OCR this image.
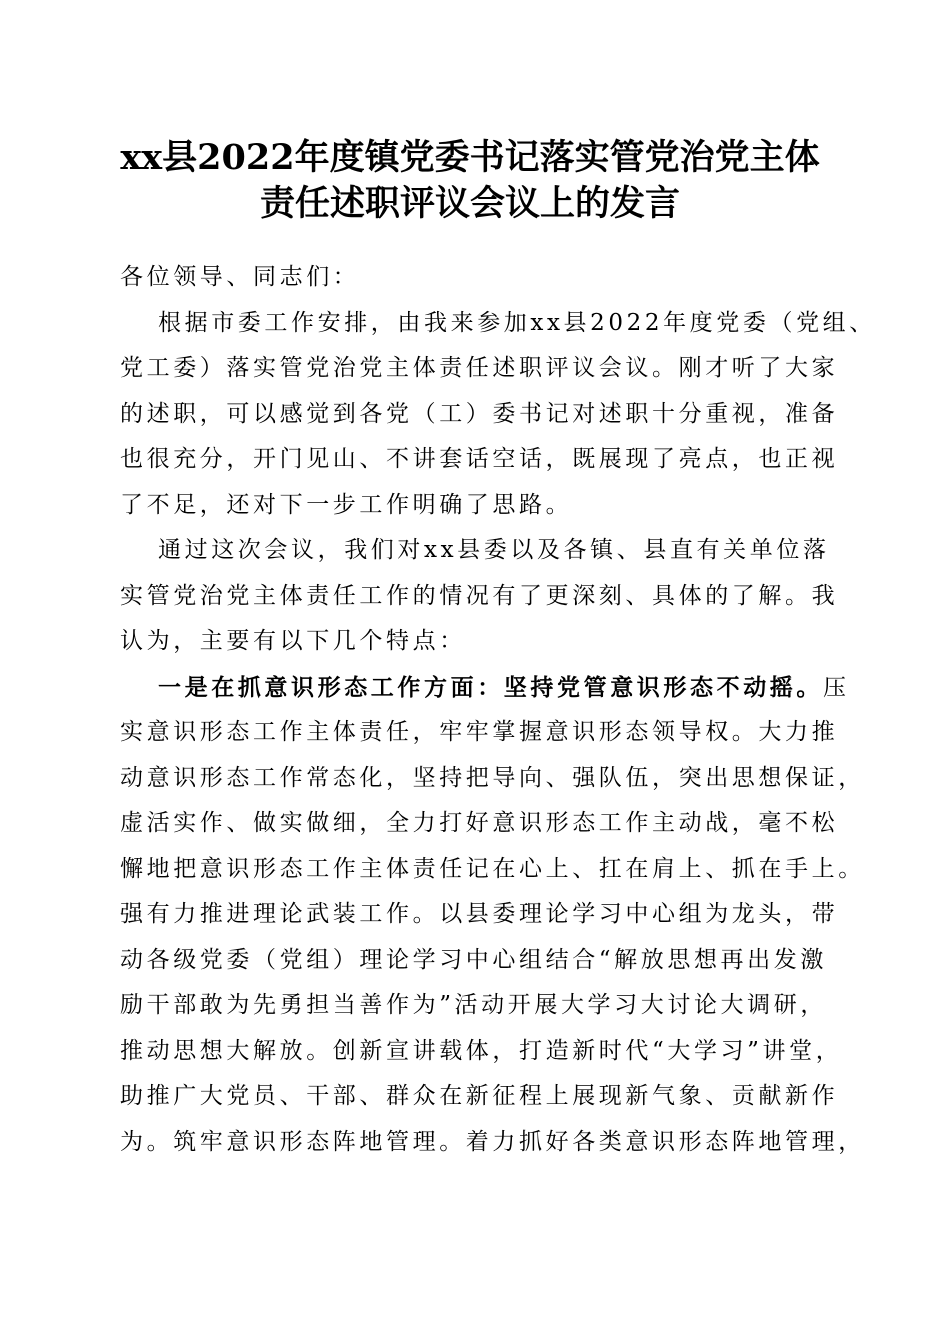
xx县2022年度镇党委书记落实管党治党主体
责任述职评议会议上的发言
各位领导、同志们：
根据市委工作安排，由我来参加xx县2022年度党委（党组、
党工委）落实管党治党主体责任述职评议会议。刚才听了大家
的述职，可以感觉到各党（工）委书记对述职十分重视，准备
也很充分，开门见山、不讲套话空话，既展现了亮点，也正视
了不足，还对下一步工作明确了思路。
通过这次会议，我们对xx县委以及各镇、县直有关单位落
实管党治党主体责任工作的情况有了更深刻、具体的了解。我
认为，主要有以下几个特点：
一是在抓意识形态工作方面：坚持党管意识形态不动摇。压
实意识形态工作主体责任，牢牢掌握意识形态领导权。大力推
动意识形态工作常态化，坚持把导向、强队伍，突出思想保证，
虚活实作、做实做细，全力打好意识形态工作主动战，毫不松
懈地把意识形态工作主体责任记在心上、扛在肩上、抓在手上。
强有力推进理论武装工作。以县委理论学习中心组为龙头，带
动各级党委（党组）理论学习中心组结合“解放思想再出发激
励干部敢为先勇担当善作为”活动开展大学习大讨论大调研，
推动思想大解放。创新宣讲载体，打造新时代“大学习”讲堂，
助推广大党员、干部、群众在新征程上展现新气象、贡献新作
为。筑牢意识形态阵地管理。着力抓好各类意识形态阵地管理，
